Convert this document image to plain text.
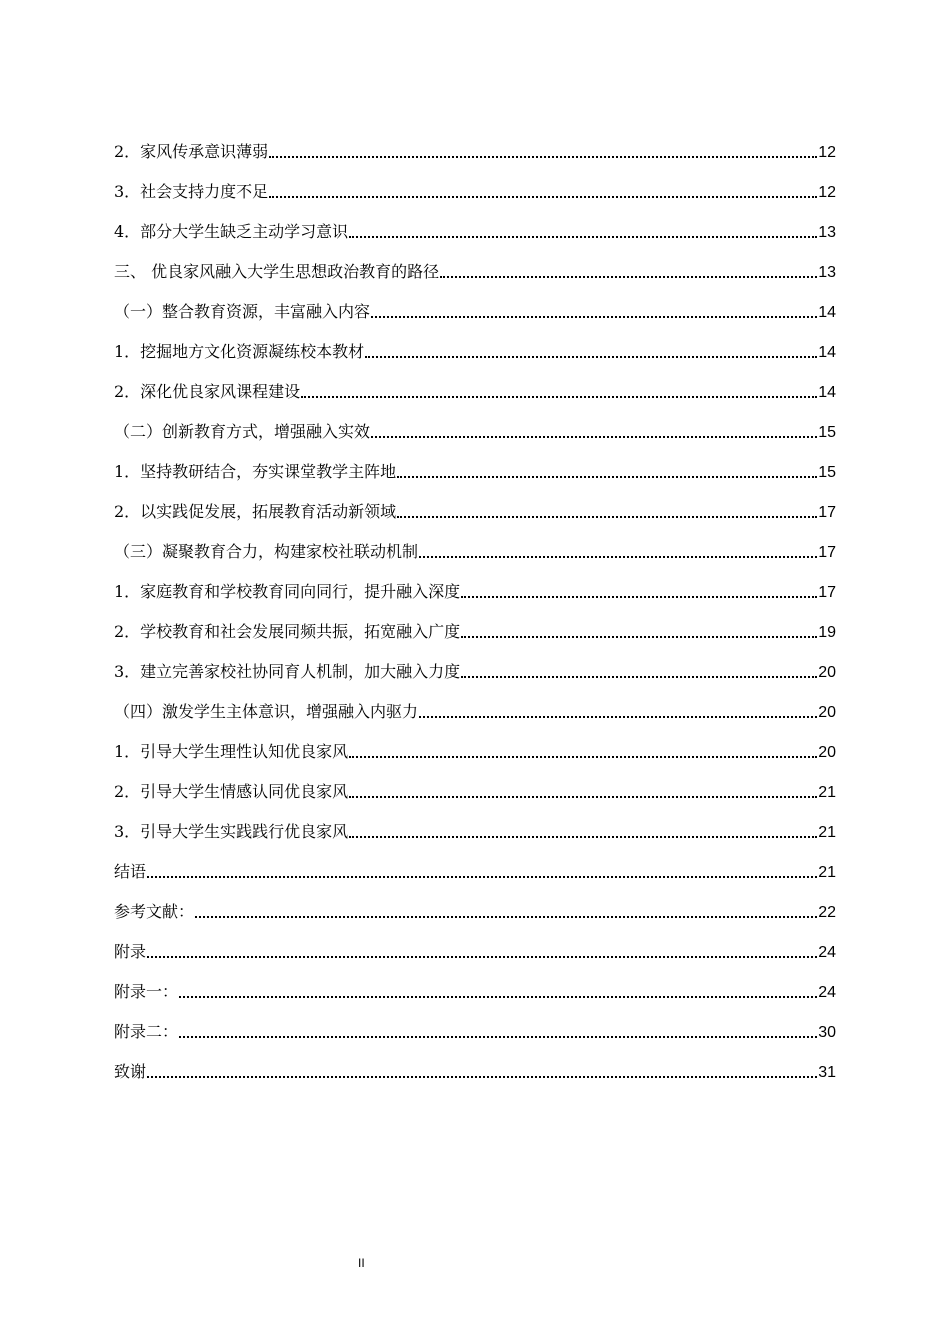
2．家风传承意识薄弱	12
3．社会支持力度不足	12
4．部分大学生缺乏主动学习意识	13
三、 优良家风融入大学生思想政治教育的路径	13
（一）整合教育资源，丰富融入内容	14
1．挖掘地方文化资源凝练校本教材	14
2．深化优良家风课程建设	14
（二）创新教育方式，增强融入实效	15
1．坚持教研结合，夯实课堂教学主阵地	15
2．以实践促发展，拓展教育活动新领域	17
（三）凝聚教育合力，构建家校社联动机制	17
1．家庭教育和学校教育同向同行，提升融入深度	17
2．学校教育和社会发展同频共振，拓宽融入广度	19
3．建立完善家校社协同育人机制，加大融入力度	20
（四）激发学生主体意识，增强融入内驱力	20
1．引导大学生理性认知优良家风	20
2．引导大学生情感认同优良家风	21
3．引导大学生实践践行优良家风	21
结语	21
参考文献：	22
附录	24
附录一：	24
附录二：	30
致谢	31
II
